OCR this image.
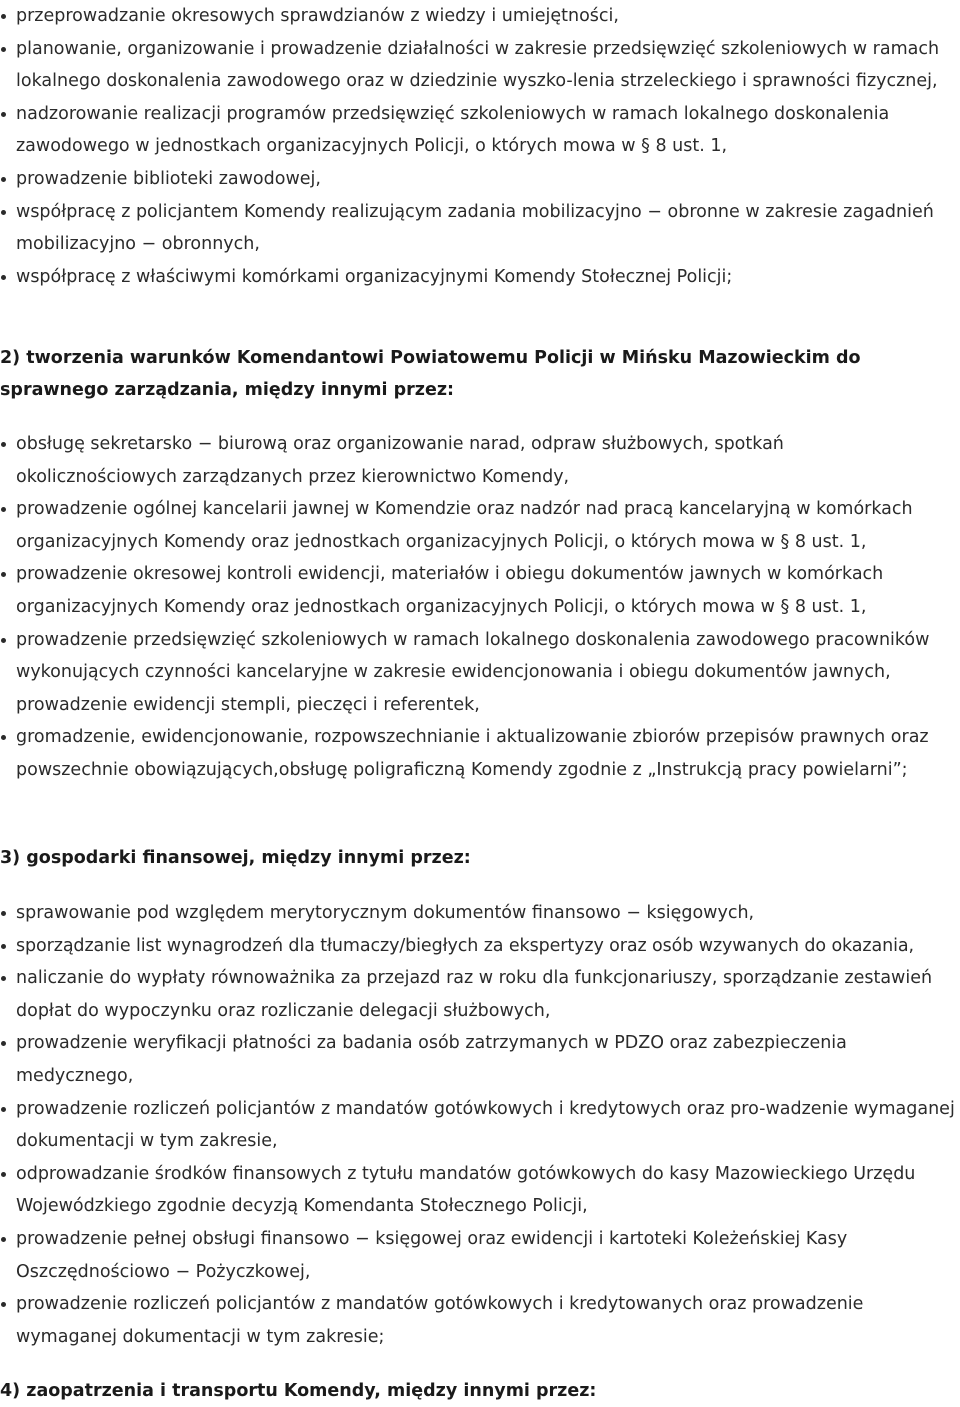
przeprowadzanie okresowych sprawdzianów z wiedzy i umiejętności,
planowanie, organizowanie i prowadzenie działalności w zakresie przedsięwzięć szkoleniowych w ramach lokalnego doskonalenia zawodowego oraz w dziedzinie wyszko-lenia strzeleckiego i sprawności fizycznej,
nadzorowanie realizacji programów przedsięwzięć szkoleniowych w ramach lokalnego doskonalenia zawodowego w jednostkach organizacyjnych Policji, o których mowa w § 8 ust. 1,
prowadzenie biblioteki zawodowej,
współpracę z policjantem Komendy realizującym zadania mobilizacyjno − obronne w zakresie zagadnień mobilizacyjno − obronnych,
współpracę z właściwymi komórkami organizacyjnymi Komendy Stołecznej Policji;

2) tworzenia warunków Komendantowi Powiatowemu Policji w Mińsku Mazowieckim do sprawnego zarządzania, między innymi przez:

obsługę sekretarsko − biurową oraz organizowanie narad, odpraw służbowych, spotkań okolicznościowych zarządzanych przez kierownictwo Komendy,
prowadzenie ogólnej kancelarii jawnej w Komendzie oraz nadzór nad pracą kancelaryjną w komórkach organizacyjnych Komendy oraz jednostkach organizacyjnych Policji, o których mowa w § 8 ust. 1,
prowadzenie okresowej kontroli ewidencji, materiałów i obiegu dokumentów jawnych w komórkach organizacyjnych Komendy oraz jednostkach organizacyjnych Policji, o których mowa w § 8 ust. 1,
prowadzenie przedsięwzięć szkoleniowych w ramach lokalnego doskonalenia zawodowego pracowników wykonujących czynności kancelaryjne w zakresie ewidencjonowania i obiegu dokumentów jawnych, prowadzenie ewidencji stempli, pieczęci i referentek,
gromadzenie, ewidencjonowanie, rozpowszechnianie i aktualizowanie zbiorów przepisów prawnych oraz powszechnie obowiązujących,obsługę poligraficzną Komendy zgodnie z „Instrukcją pracy powielarni”;

3) gospodarki finansowej, między innymi przez:

sprawowanie pod względem merytorycznym dokumentów finansowo − księgowych,
sporządzanie list wynagrodzeń dla tłumaczy/biegłych za ekspertyzy oraz osób wzywanych do okazania,
naliczanie do wypłaty równoważnika za przejazd raz w roku dla funkcjonariuszy, sporządzanie zestawień dopłat do wypoczynku oraz rozliczanie delegacji służbowych,
prowadzenie weryfikacji płatności za badania osób zatrzymanych w PDZO oraz zabezpieczenia medycznego,
prowadzenie rozliczeń policjantów z mandatów gotówkowych i kredytowych oraz pro-wadzenie wymaganej dokumentacji w tym zakresie,
odprowadzanie środków finansowych z tytułu mandatów gotówkowych do kasy Mazowieckiego Urzędu Wojewódzkiego zgodnie decyzją Komendanta Stołecznego Policji,
prowadzenie pełnej obsługi finansowo − księgowej oraz ewidencji i kartoteki Koleżeńskiej Kasy Oszczędnościowo − Pożyczkowej,
prowadzenie rozliczeń policjantów z mandatów gotówkowych i kredytowanych oraz prowadzenie wymaganej dokumentacji w tym zakresie;

4) zaopatrzenia i transportu Komendy, między innymi przez:
